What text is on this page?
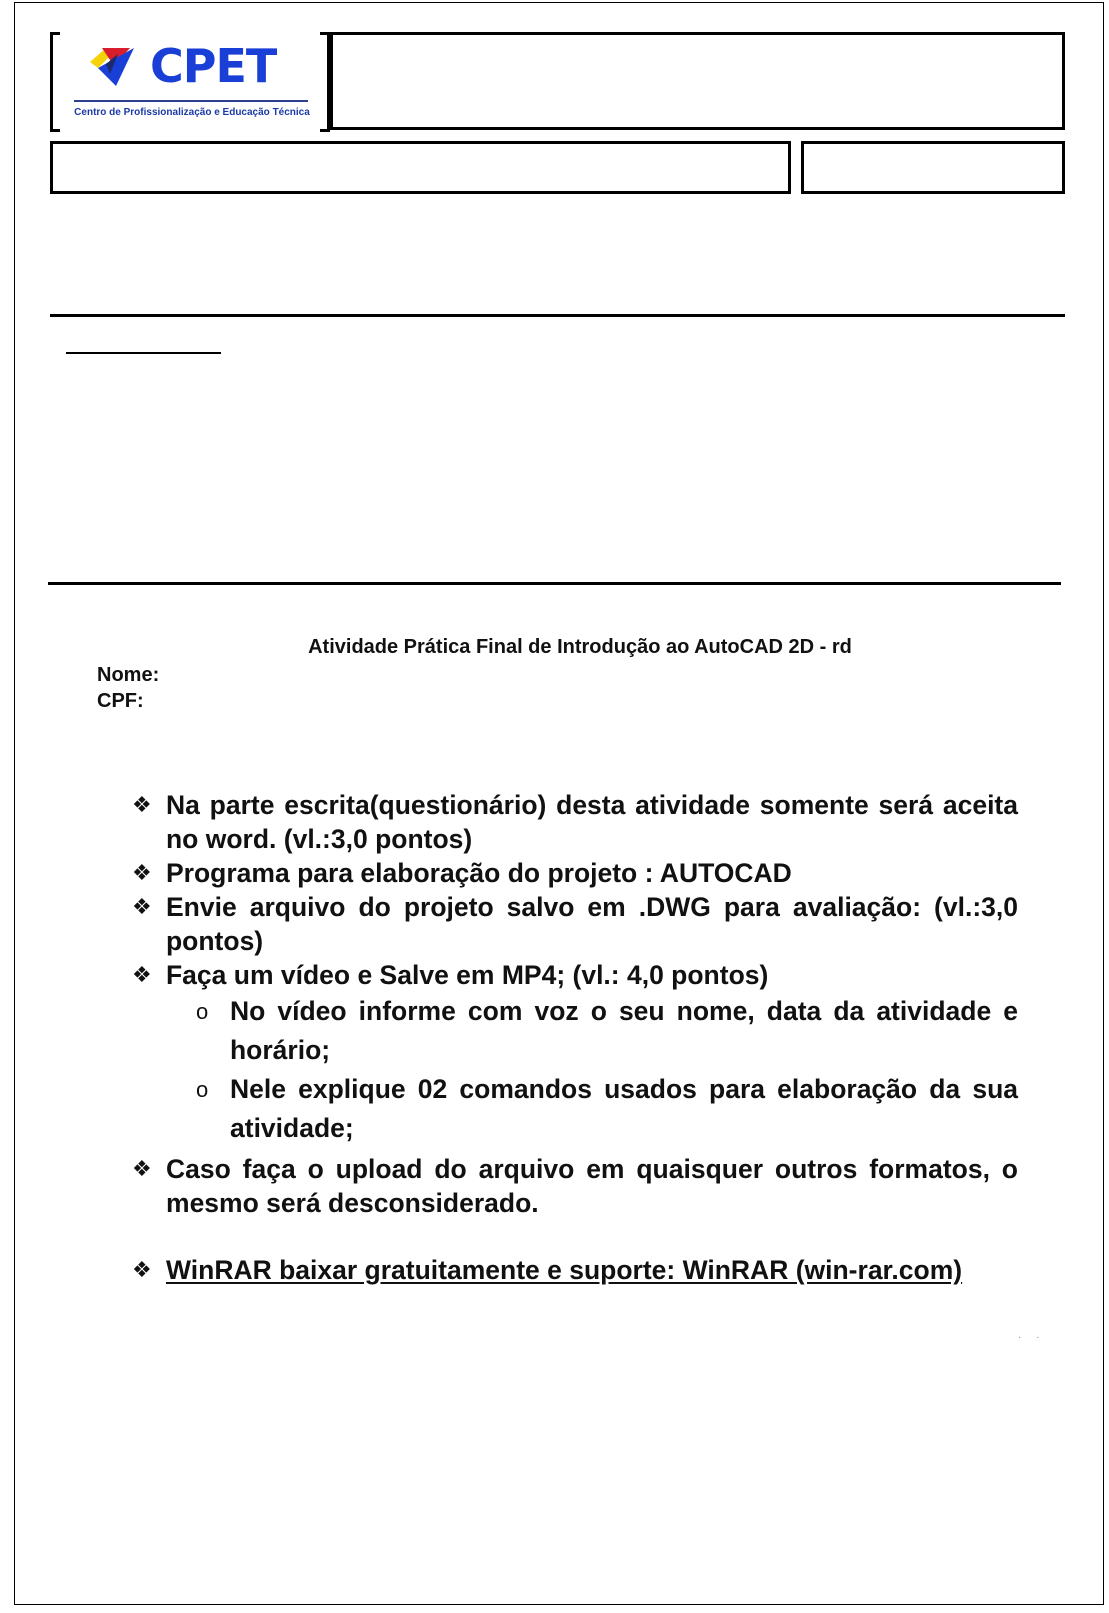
CPET
Centro de Profissionalização e Educação Técnica
Atividade Prática Final de Introdução ao AutoCAD 2D - rd
Nome:
CPF:
❖ Na parte escrita(questionário) desta atividade somente será aceita no word. (vl.:3,0 pontos)
❖ Programa para elaboração do projeto : AUTOCAD
❖ Envie arquivo do projeto salvo em .DWG para avaliação: (vl.:3,0 pontos)
❖ Faça um vídeo e Salve em MP4; (vl.: 4,0 pontos)
o No vídeo informe com voz o seu nome, data da atividade e horário;
o Nele explique 02 comandos usados para elaboração da sua atividade;
❖ Caso faça o upload do arquivo em quaisquer outros formatos, o mesmo será desconsiderado.
❖ WinRAR baixar gratuitamente e suporte: WinRAR (win-rar.com)
· ·
